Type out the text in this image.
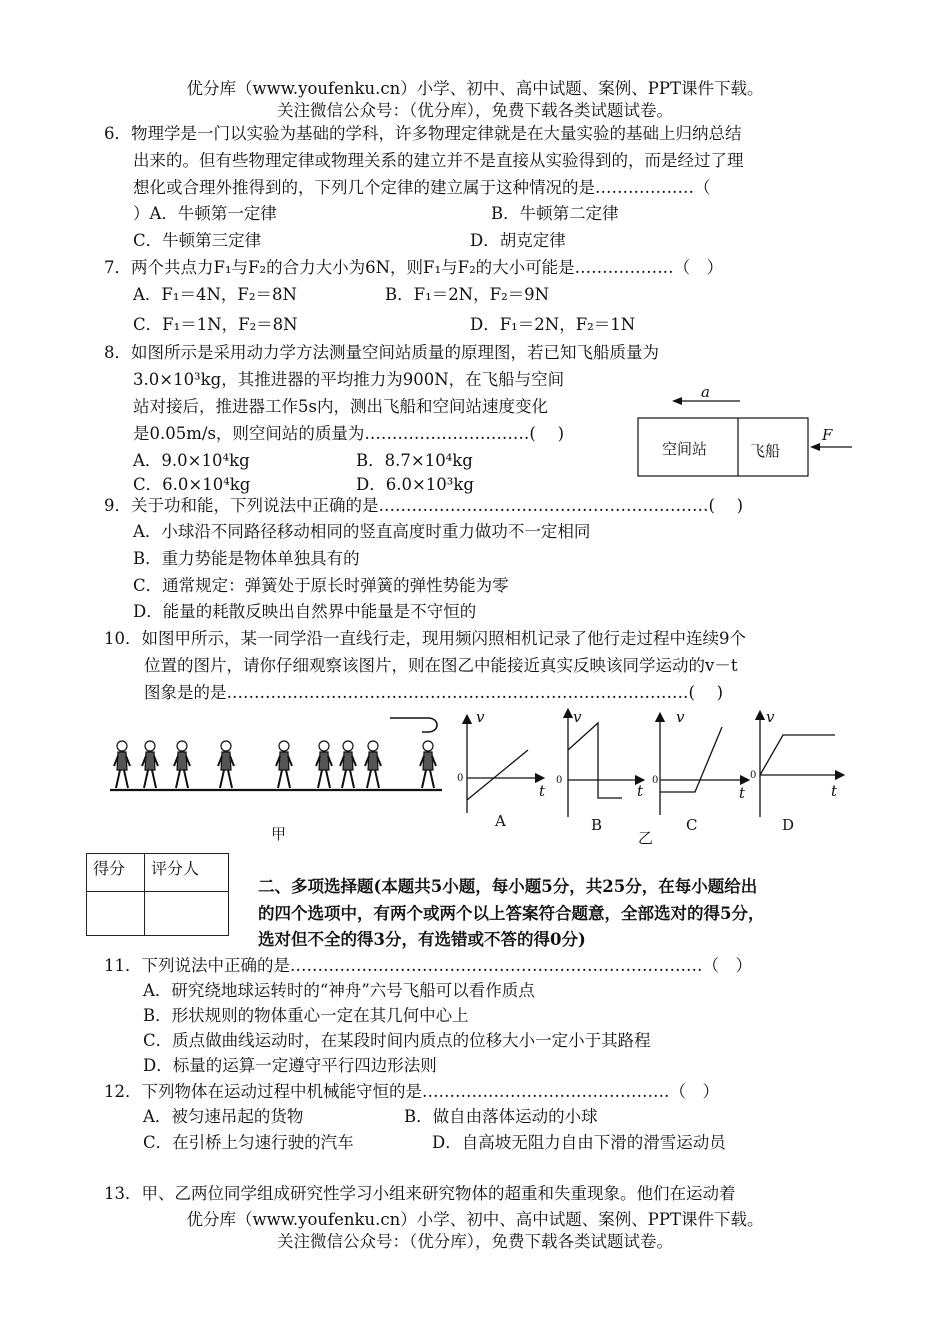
优分库（www.youfenku.cn）小学、初中、高中试题、案例、PPT课件下载。
关注微信公众号：（优分库），免费下载各类试题试卷。
6．物理学是一门以实验为基础的学科，许多物理定律就是在大量实验的基础上归纳总结
出来的。但有些物理定律或物理关系的建立并不是直接从实验得到的，而是经过了理
想化或合理外推得到的，下列几个定律的建立属于这种情况的是………………（
）A．牛顿第一定律	B．牛顿第二定律
C．牛顿第三定律	D．胡克定律
7．两个共点力F₁与F₂的合力大小为6N，则F₁与F₂的大小可能是………………（　）
A．F₁＝4N，F₂＝8N	B．F₁＝2N，F₂＝9N
C．F₁＝1N，F₂＝8N	D．F₁＝2N，F₂＝1N
8．如图所示是采用动力学方法测量空间站质量的原理图，若已知飞船质量为
3.0×10³kg，其推进器的平均推力为900N，在飞船与空间
站对接后，推进器工作5s内，测出飞船和空间站速度变化
是0.05m/s，则空间站的质量为…………………………(　 )
A．9.0×10⁴kg	B．8.7×10⁴kg
C．6.0×10⁴kg	D．6.0×10³kg
a
空间站	飞船
F
9．关于功和能，下列说法中正确的是……………………………………………………(　 )
A．小球沿不同路径移动相同的竖直高度时重力做功不一定相同
B．重力势能是物体单独具有的
C．通常规定：弹簧处于原长时弹簧的弹性势能为零
D．能量的耗散反映出自然界中能量是不守恒的
10．如图甲所示，某一同学沿一直线行走，现用频闪照相机记录了他行走过程中连续9个
位置的图片，请你仔细观察该图片，则在图乙中能接近真实反映该同学运动的v－t
图象是的是…………………………………………………………………………(　 )
甲
v
0
t
A
v
0
t
B
v
0
t
C
乙
v
0
t
D
得分	评分人

二、多项选择题(本题共5小题，每小题5分，共25分，在每小题给出
的四个选项中，有两个或两个以上答案符合题意，全部选对的得5分，
选对但不全的得3分，有选错或不答的得0分)
11．下列说法中正确的是…………………………………………………………………（　）
A．研究绕地球运转时的“神舟”六号飞船可以看作质点
B．形状规则的物体重心一定在其几何中心上
C．质点做曲线运动时，在某段时间内质点的位移大小一定小于其路程
D．标量的运算一定遵守平行四边形法则
12．下列物体在运动过程中机械能守恒的是………………………………………（　）
A．被匀速吊起的货物	B．做自由落体运动的小球
C．在引桥上匀速行驶的汽车	D．自高坡无阻力自由下滑的滑雪运动员
13．甲、乙两位同学组成研究性学习小组来研究物体的超重和失重现象。他们在运动着
优分库（www.youfenku.cn）小学、初中、高中试题、案例、PPT课件下载。
关注微信公众号：（优分库），免费下载各类试题试卷。
